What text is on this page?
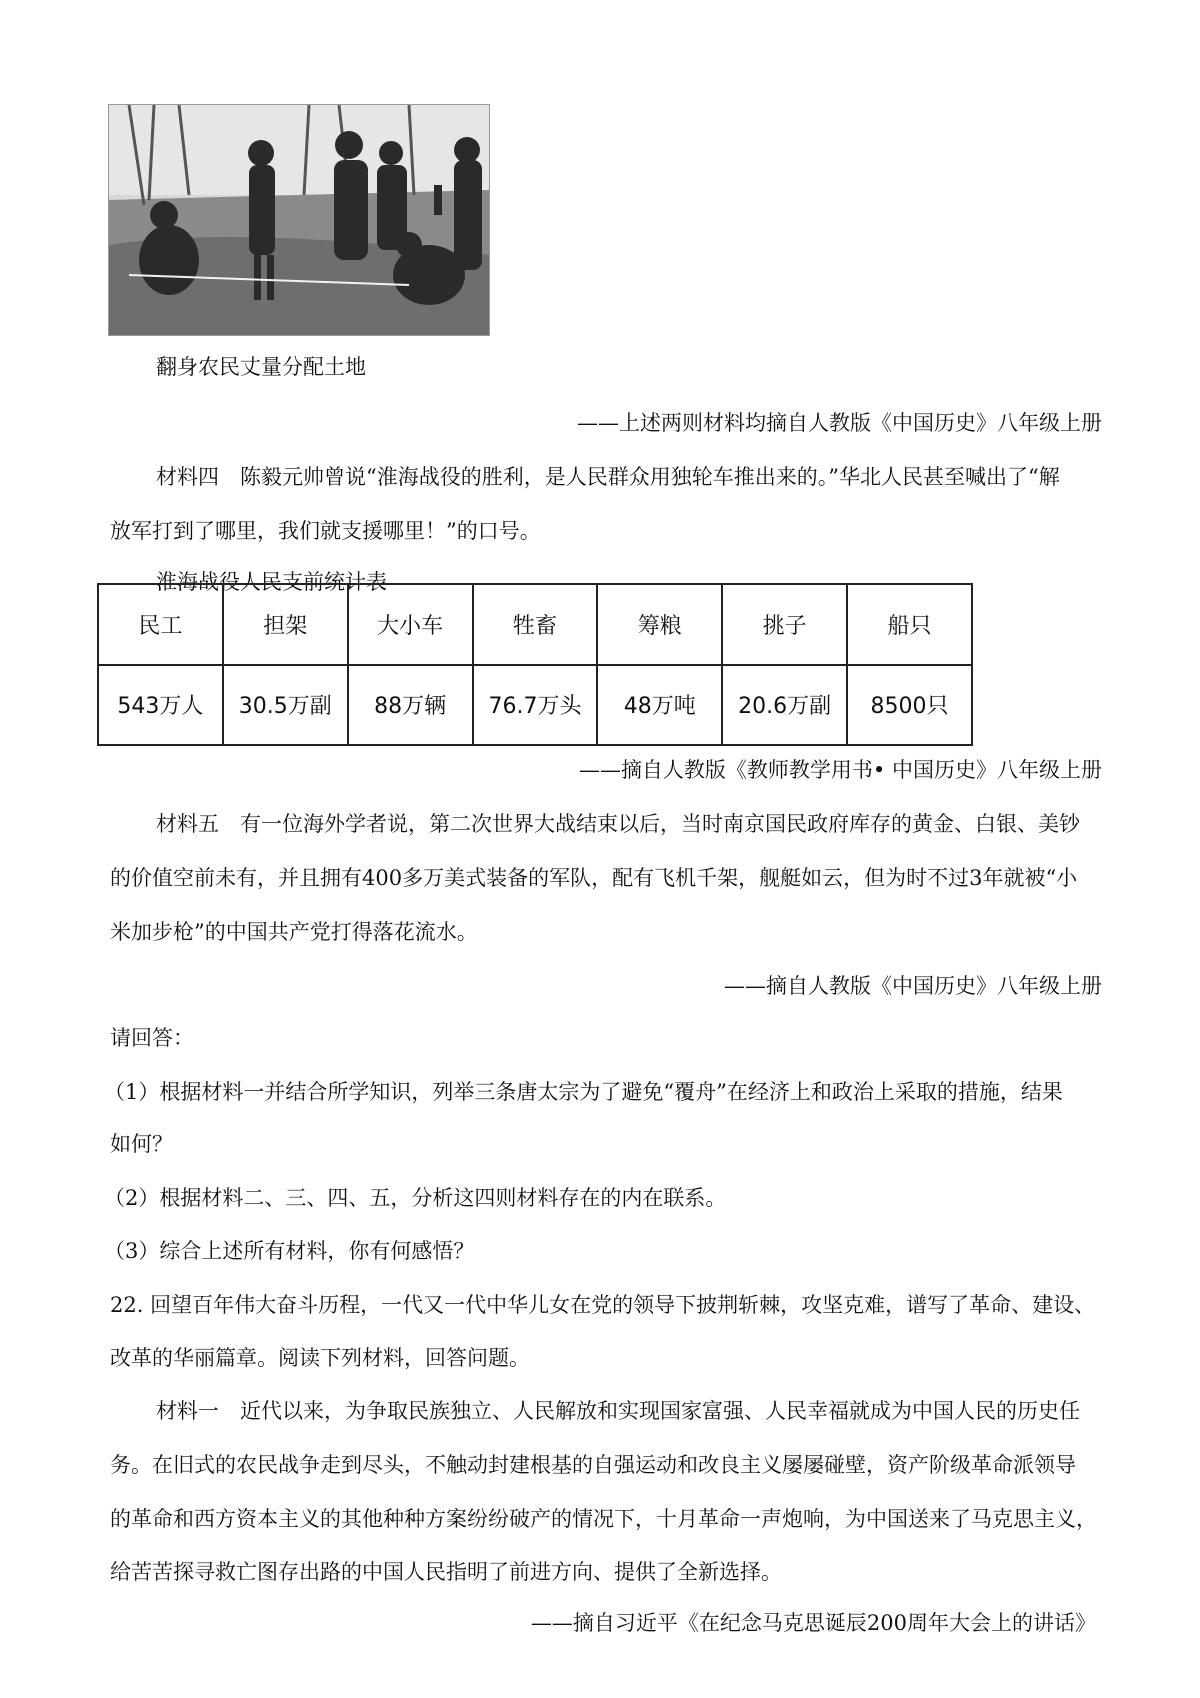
翻身农民丈量分配土地

——上述两则材料均摘自人教版《中国历史》八年级上册

材料四　陈毅元帅曾说“淮海战役的胜利，是人民群众用独轮车推出来的。”华北人民甚至喊出了“解

放军打到了哪里，我们就支援哪里！”的口号。

淮海战役人民支前统计表

民工	担架	大小车	牲畜	筹粮	挑子	船只
543万人	30.5万副	88万辆	76.7万头	48万吨	20.6万副	8500只

——摘自人教版《教师教学用书• 中国历史》八年级上册

材料五　有一位海外学者说，第二次世界大战结束以后，当时南京国民政府库存的黄金、白银、美钞

的价值空前未有，并且拥有400多万美式装备的军队，配有飞机千架，舰艇如云，但为时不过3年就被“小

米加步枪”的中国共产党打得落花流水。

——摘自人教版《中国历史》八年级上册

请回答：

（1）根据材料一并结合所学知识，列举三条唐太宗为了避免“覆舟”在经济上和政治上采取的措施，结果

如何？

（2）根据材料二、三、四、五，分析这四则材料存在的内在联系。

（3）综合上述所有材料，你有何感悟？

22. 回望百年伟大奋斗历程，一代又一代中华儿女在党的领导下披荆斩棘，攻坚克难，谱写了革命、建设、

改革的华丽篇章。阅读下列材料，回答问题。

材料一　近代以来，为争取民族独立、人民解放和实现国家富强、人民幸福就成为中国人民的历史任

务。在旧式的农民战争走到尽头，不触动封建根基的自强运动和改良主义屡屡碰壁，资产阶级革命派领导

的革命和西方资本主义的其他种种方案纷纷破产的情况下，十月革命一声炮响，为中国送来了马克思主义，

给苦苦探寻救亡图存出路的中国人民指明了前进方向、提供了全新选择。

——摘自习近平《在纪念马克思诞辰200周年大会上的讲话》
